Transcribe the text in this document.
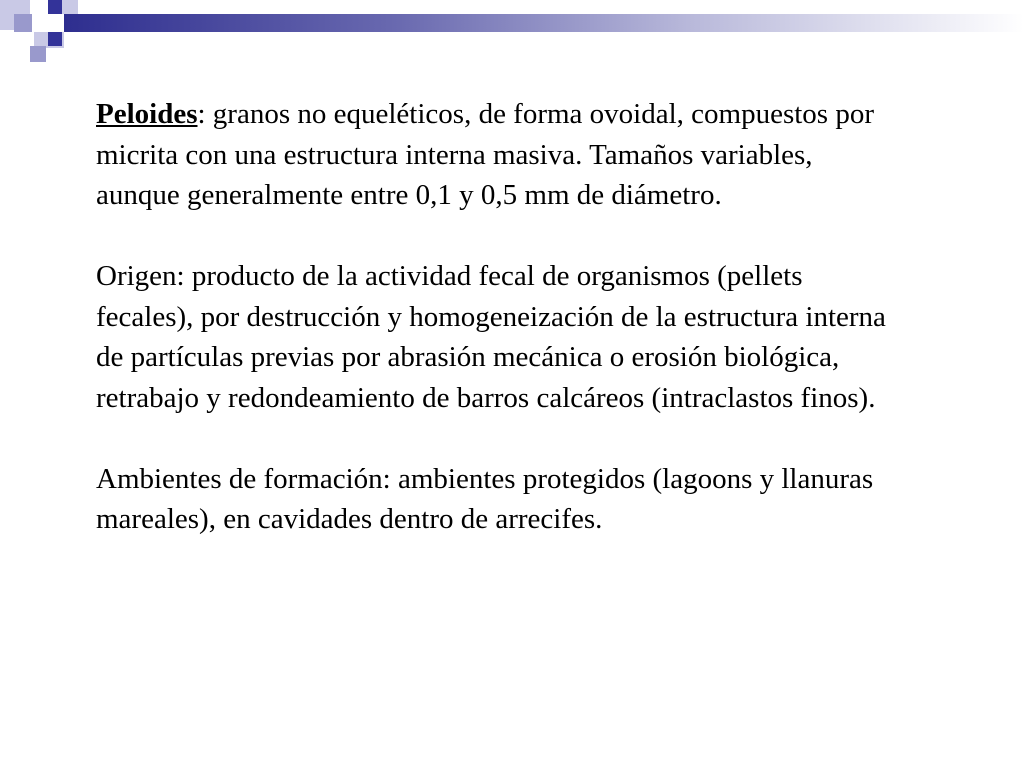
Peloides: granos no equeléticos, de forma ovoidal, compuestos por micrita con una estructura interna masiva. Tamaños variables, aunque generalmente entre 0,1 y 0,5 mm de diámetro.

Origen: producto de la actividad fecal de organismos (pellets fecales), por destrucción y homogeneización de la estructura interna de partículas previas por abrasión mecánica o erosión biológica, retrabajo y redondeamiento de barros calcáreos (intraclastos finos).

Ambientes de formación: ambientes protegidos (lagoons y llanuras mareales), en cavidades dentro de arrecifes.
